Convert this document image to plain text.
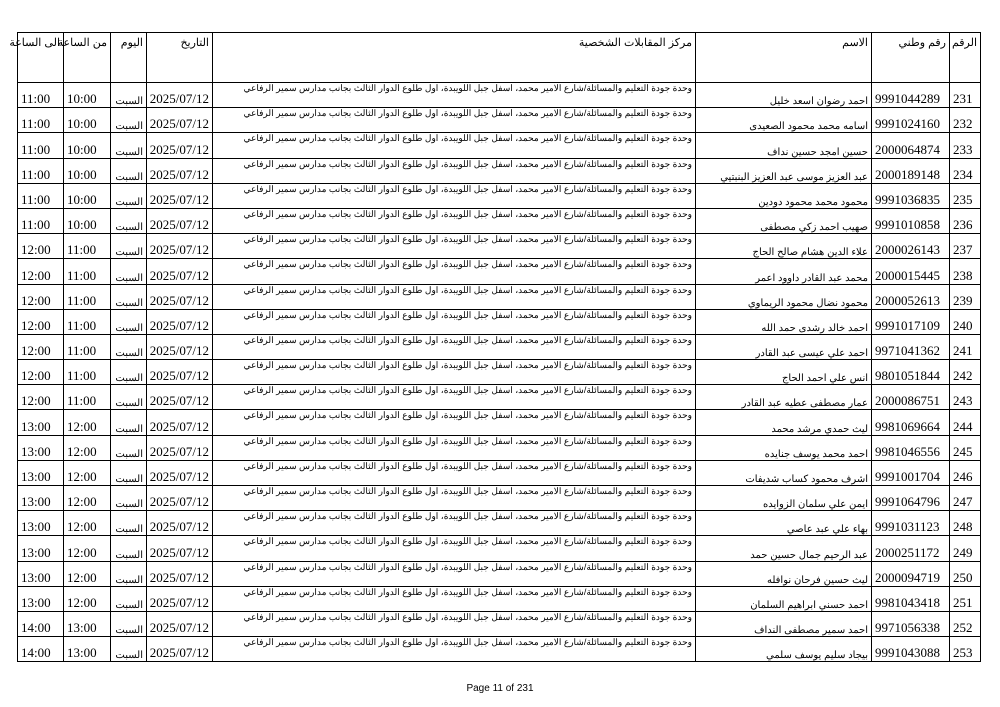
الرقم	رقم وطني	الاسم	مركز المقابلات الشخصية	التاريخ	اليوم	من الساعة	الى الساعة
231	9991044289	احمد رضوان اسعد خليل	وحدة جودة التعليم والمسائلة/شارع الامير محمد، اسفل جبل اللويبدة، اول طلوع الدوار الثالث بجانب مدارس سمير الرفاعي	2025/07/12	السبت	10:00	11:00
232	9991024160	اسامه محمد محمود الصعيدى	وحدة جودة التعليم والمسائلة/شارع الامير محمد، اسفل جبل اللويبدة، اول طلوع الدوار الثالث بجانب مدارس سمير الرفاعي	2025/07/12	السبت	10:00	11:00
233	2000064874	حسين امجد حسين نداف	وحدة جودة التعليم والمسائلة/شارع الامير محمد، اسفل جبل اللويبدة، اول طلوع الدوار الثالث بجانب مدارس سمير الرفاعي	2025/07/12	السبت	10:00	11:00
234	2000189148	عبد العزيز موسى عبد العزيز البنبتيي	وحدة جودة التعليم والمسائلة/شارع الامير محمد، اسفل جبل اللويبدة، اول طلوع الدوار الثالث بجانب مدارس سمير الرفاعي	2025/07/12	السبت	10:00	11:00
235	9991036835	محمود محمد محمود دودين	وحدة جودة التعليم والمسائلة/شارع الامير محمد، اسفل جبل اللويبدة، اول طلوع الدوار الثالث بجانب مدارس سمير الرفاعي	2025/07/12	السبت	10:00	11:00
236	9991010858	صهيب احمد زكي مصطفى	وحدة جودة التعليم والمسائلة/شارع الامير محمد، اسفل جبل اللويبدة، اول طلوع الدوار الثالث بجانب مدارس سمير الرفاعي	2025/07/12	السبت	10:00	11:00
237	2000026143	علاء الدين هشام صالح الحاج	وحدة جودة التعليم والمسائلة/شارع الامير محمد، اسفل جبل اللويبدة، اول طلوع الدوار الثالث بجانب مدارس سمير الرفاعي	2025/07/12	السبت	11:00	12:00
238	2000015445	محمد عبد القادر داوود اعمر	وحدة جودة التعليم والمسائلة/شارع الامير محمد، اسفل جبل اللويبدة، اول طلوع الدوار الثالث بجانب مدارس سمير الرفاعي	2025/07/12	السبت	11:00	12:00
239	2000052613	محمود نضال محمود الريماوي	وحدة جودة التعليم والمسائلة/شارع الامير محمد، اسفل جبل اللويبدة، اول طلوع الدوار الثالث بجانب مدارس سمير الرفاعي	2025/07/12	السبت	11:00	12:00
240	9991017109	احمد خالد رشدى حمد الله	وحدة جودة التعليم والمسائلة/شارع الامير محمد، اسفل جبل اللويبدة، اول طلوع الدوار الثالث بجانب مدارس سمير الرفاعي	2025/07/12	السبت	11:00	12:00
241	9971041362	احمد علي عيسى عبد القادر	وحدة جودة التعليم والمسائلة/شارع الامير محمد، اسفل جبل اللويبدة، اول طلوع الدوار الثالث بجانب مدارس سمير الرفاعي	2025/07/12	السبت	11:00	12:00
242	9801051844	انس علي احمد الحاج	وحدة جودة التعليم والمسائلة/شارع الامير محمد، اسفل جبل اللويبدة، اول طلوع الدوار الثالث بجانب مدارس سمير الرفاعي	2025/07/12	السبت	11:00	12:00
243	2000086751	عمار مصطفى عطيه عبد القادر	وحدة جودة التعليم والمسائلة/شارع الامير محمد، اسفل جبل اللويبدة، اول طلوع الدوار الثالث بجانب مدارس سمير الرفاعي	2025/07/12	السبت	11:00	12:00
244	9981069664	ليث حمدي مرشد محمد	وحدة جودة التعليم والمسائلة/شارع الامير محمد، اسفل جبل اللويبدة، اول طلوع الدوار الثالث بجانب مدارس سمير الرفاعي	2025/07/12	السبت	12:00	13:00
245	9981046556	احمد محمد يوسف جنايده	وحدة جودة التعليم والمسائلة/شارع الامير محمد، اسفل جبل اللويبدة، اول طلوع الدوار الثالث بجانب مدارس سمير الرفاعي	2025/07/12	السبت	12:00	13:00
246	9991001704	اشرف محمود كساب شديفات	وحدة جودة التعليم والمسائلة/شارع الامير محمد، اسفل جبل اللويبدة، اول طلوع الدوار الثالث بجانب مدارس سمير الرفاعي	2025/07/12	السبت	12:00	13:00
247	9991064796	ايمن علي سلمان الزوايده	وحدة جودة التعليم والمسائلة/شارع الامير محمد، اسفل جبل اللويبدة، اول طلوع الدوار الثالث بجانب مدارس سمير الرفاعي	2025/07/12	السبت	12:00	13:00
248	9991031123	بهاء علي عبد عاصي	وحدة جودة التعليم والمسائلة/شارع الامير محمد، اسفل جبل اللويبدة، اول طلوع الدوار الثالث بجانب مدارس سمير الرفاعي	2025/07/12	السبت	12:00	13:00
249	2000251172	عبد الرحيم جمال حسين حمد	وحدة جودة التعليم والمسائلة/شارع الامير محمد، اسفل جبل اللويبدة، اول طلوع الدوار الثالث بجانب مدارس سمير الرفاعي	2025/07/12	السبت	12:00	13:00
250	2000094719	ليث حسين فرحان نوافله	وحدة جودة التعليم والمسائلة/شارع الامير محمد، اسفل جبل اللويبدة، اول طلوع الدوار الثالث بجانب مدارس سمير الرفاعي	2025/07/12	السبت	12:00	13:00
251	9981043418	احمد حسني ابراهيم السلمان	وحدة جودة التعليم والمسائلة/شارع الامير محمد، اسفل جبل اللويبدة، اول طلوع الدوار الثالث بجانب مدارس سمير الرفاعي	2025/07/12	السبت	12:00	13:00
252	9971056338	احمد سمير مصطفى النداف	وحدة جودة التعليم والمسائلة/شارع الامير محمد، اسفل جبل اللويبدة، اول طلوع الدوار الثالث بجانب مدارس سمير الرفاعي	2025/07/12	السبت	13:00	14:00
253	9991043088	بيجاد سليم يوسف سلمي	وحدة جودة التعليم والمسائلة/شارع الامير محمد، اسفل جبل اللويبدة، اول طلوع الدوار الثالث بجانب مدارس سمير الرفاعي	2025/07/12	السبت	13:00	14:00
Page 11 of 231
